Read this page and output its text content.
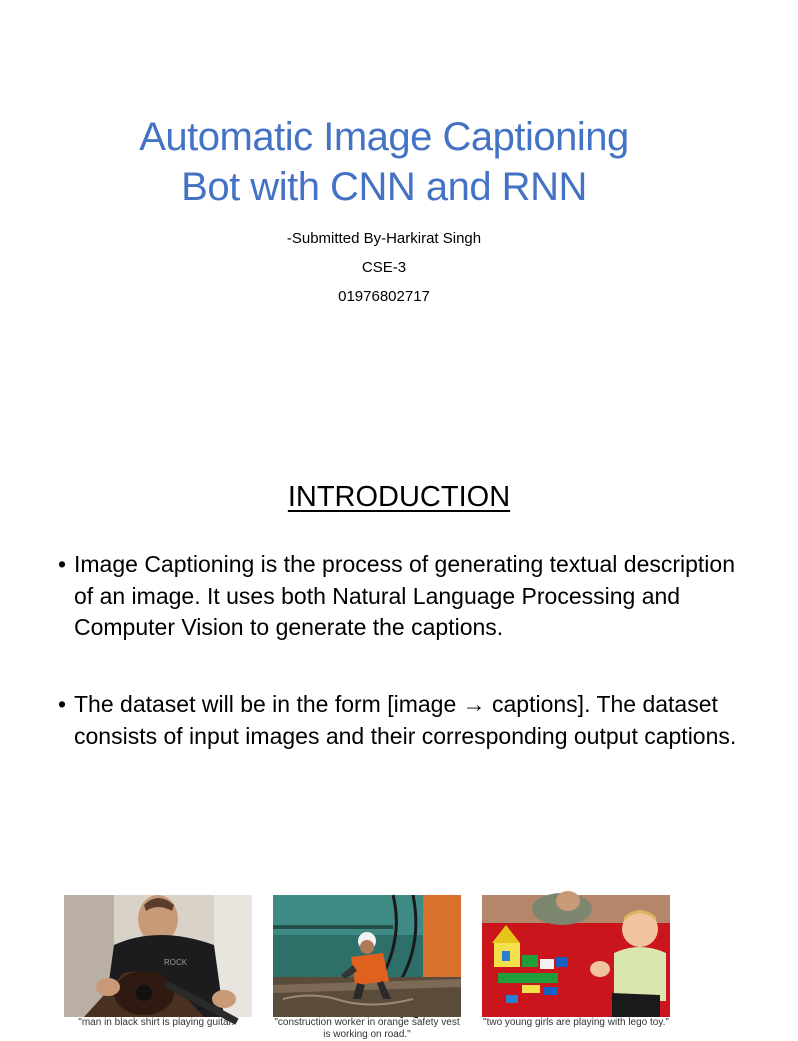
Automatic Image Captioning
Bot with CNN and RNN
-Submitted By-Harkirat Singh
CSE-3
01976802717
INTRODUCTION
• Image Captioning is the process of generating textual description of an image. It uses both Natural Language Processing and Computer Vision to generate the captions.
• The dataset will be in the form [image → captions]. The dataset consists of input images and their corresponding output captions.
ROCK
"man in black shirt is playing guitar."	"construction worker in orange safety vest is working on road."
"two young girls are playing with lego toy."
